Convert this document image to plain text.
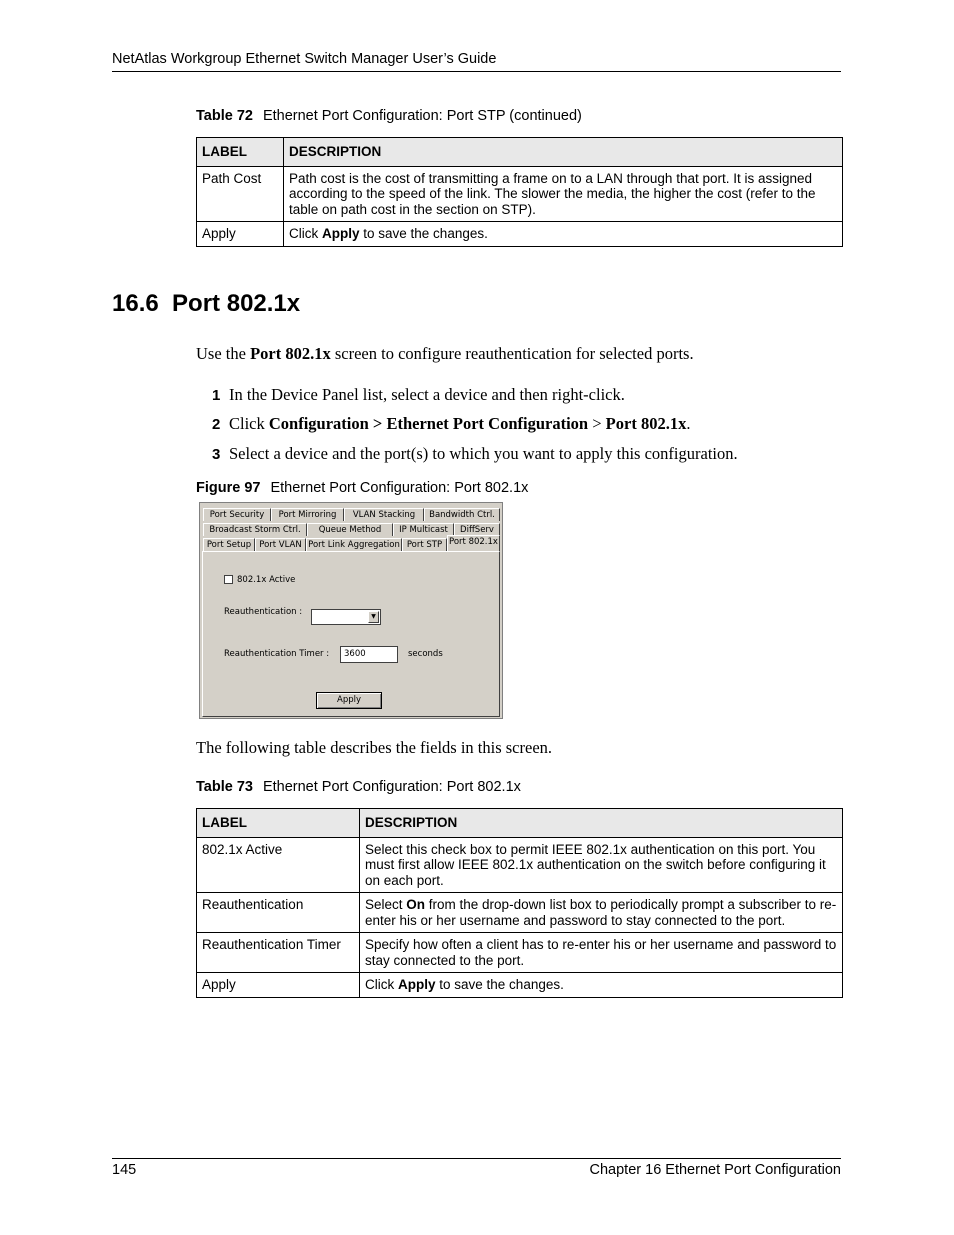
NetAtlas Workgroup Ethernet Switch Manager User’s Guide
Table 72 Ethernet Port Configuration: Port STP (continued)
LABEL	DESCRIPTION
Path Cost	Path cost is the cost of transmitting a frame on to a LAN through that port. It is assigned according to the speed of the link. The slower the media, the higher the cost (refer to the table on path cost in the section on STP).
Apply	Click Apply to save the changes.
16.6  Port 802.1x
Use the Port 802.1x screen to configure reauthentication for selected ports.
1 In the Device Panel list, select a device and then right-click.
2 Click Configuration > Ethernet Port Configuration > Port 802.1x.
3 Select a device and the port(s) to which you want to apply this configuration.
Figure 97 Ethernet Port Configuration: Port 802.1x
Port Security	Port Mirroring	VLAN Stacking	Bandwidth Ctrl.
Broadcast Storm Ctrl.	Queue Method	IP Multicast	DiffServ
Port Setup Port VLAN Port Link Aggregation Port STP Port 802.1x
802.1x Active
Reauthentication :	▼
Reauthentication Timer :	3600	seconds
Apply
The following table describes the fields in this screen.
Table 73 Ethernet Port Configuration: Port 802.1x
LABEL	DESCRIPTION
802.1x Active	Select this check box to permit IEEE 802.1x authentication on this port. You must first allow IEEE 802.1x authentication on the switch before configuring it on each port.
Reauthentication	Select On from the drop-down list box to periodically prompt a subscriber to re-enter his or her username and password to stay connected to the port.
Reauthentication Timer	Specify how often a client has to re-enter his or her username and password to stay connected to the port.
Apply	Click Apply to save the changes.
145	Chapter 16 Ethernet Port Configuration
